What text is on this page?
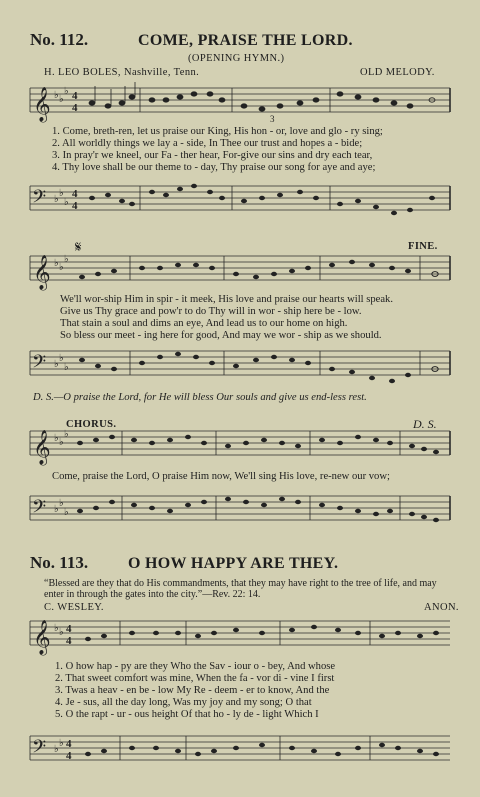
No. 112.	COME, PRAISE THE LORD.
(OPENING HYMN.)
H. LEO BOLES, Nashville, Tenn.	OLD MELODY.
𝄞 ♭ ♭
♭ 4
4
3
1. Come, breth-ren, let us praise our King, His hon - or, love and glo - ry sing;
2. All worldly things we lay a - side, In Thee our trust and hopes a - bide;
3. In pray'r we kneel, our Fa - ther hear, For-give our sins and dry each tear,
4. Thy love shall be our theme to - day, Thy praise our song for aye and aye;
𝄢 ♭
♭
♭
4
4
𝄋	FINE.
𝄞 ♭ ♭
♭
We'll wor-ship Him in spir - it meek, His love and praise our hearts will speak.
Give us Thy grace and pow'r to do Thy will in wor - ship here be - low.
That stain a soul and dims an eye, And lead us to our home on high.
So bless our meet - ing here for good, And may we wor - ship as we should.
𝄢 ♭
♭
♭
D. S.—O praise the Lord, for He will bless Our souls and give us end-less rest.
CHORUS.	D. S.
𝄞 ♭ ♭
♭
Come, praise the Lord, O praise Him now, We'll sing His love, re-new our vow;
𝄢 ♭
♭
♭
No. 113. O HOW HAPPY ARE THEY.
“Blessed are they that do His commandments, that they may have right to the tree of life, and may enter in through the gates into the city.”—Rev. 22: 14.
C. WESLEY.	ANON.
𝄞 ♭ ♭ 4
4
1. O how hap - py are they Who the Sav - iour o - bey, And whose
2. That sweet comfort was mine, When the fa - vor di - vine I first
3. Twas a heav - en be - low My Re - deem - er to know, And the
4. Je - sus, all the day long, Was my joy and my song; O that
5. O the rapt - ur - ous height Of that ho - ly de - light Which I
𝄢 ♭
♭ 4
4
